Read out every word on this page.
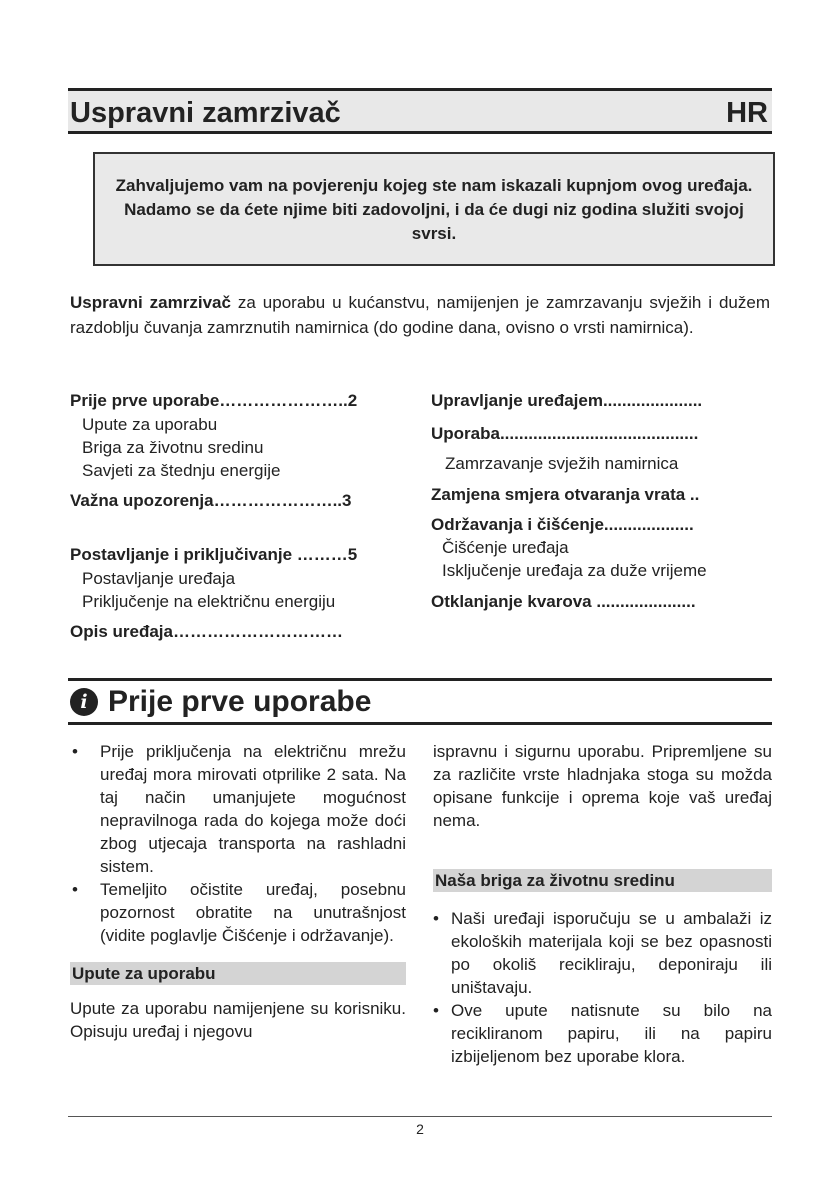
Uspravni zamrzivač	HR
Zahvaljujemo vam na povjerenju kojeg ste nam iskazali kupnjom ovog uređaja. Nadamo se da ćete njime biti zadovoljni, i da će dugi niz godina služiti svojoj svrsi.
Uspravni zamrzivač za uporabu u kućanstvu, namijenjen je zamrzavanju svježih i dužem razdoblju čuvanja zamrznutih namirnica (do godine dana, ovisno o vrsti namirnica).
Prije prve uporabe…………………..2
Upute za uporabu
Briga za životnu sredinu
Savjeti za štednju energije
Važna upozorenja…………………..3
Postavljanje i priključivanje ………5
Postavljanje uređaja
Priključenje na električnu energiju
Opis uređaja…………………………
Upravljanje uređajem.....................
Uporaba..........................................
Zamrzavanje svježih namirnica
Zamjena smjera otvaranja vrata ..
Održavanja i čišćenje...................
Čišćenje uređaja
Isključenje uređaja za duže vrijeme
Otklanjanje kvarova .....................
i Prije prve uporabe
• Prije priključenja na električnu mrežu uređaj mora mirovati otprilike 2 sata. Na taj način umanjujete mogućnost nepravilnoga rada do kojega može doći zbog utjecaja transporta na rashladni sistem.
• Temeljito očistite uređaj, posebnu pozornost obratite na unutrašnjost (vidite poglavlje Čišćenje i održavanje).
Upute za uporabu

Upute za uporabu namijenjene su korisniku. Opisuju uređaj i njegovu

ispravnu i sigurnu uporabu. Pripremljene su za različite vrste hladnjaka stoga su možda opisane funkcije i oprema koje vaš uređaj nema.

Naša briga za životnu sredinu
• Naši uređaji isporučuju se u ambalaži iz ekoloških materijala koji se bez opasnosti po okoliš recikliraju, deponiraju ili uništavaju.
• Ove upute natisnute su bilo na recikliranom papiru, ili na papiru izbijeljenom bez uporabe klora.
2
